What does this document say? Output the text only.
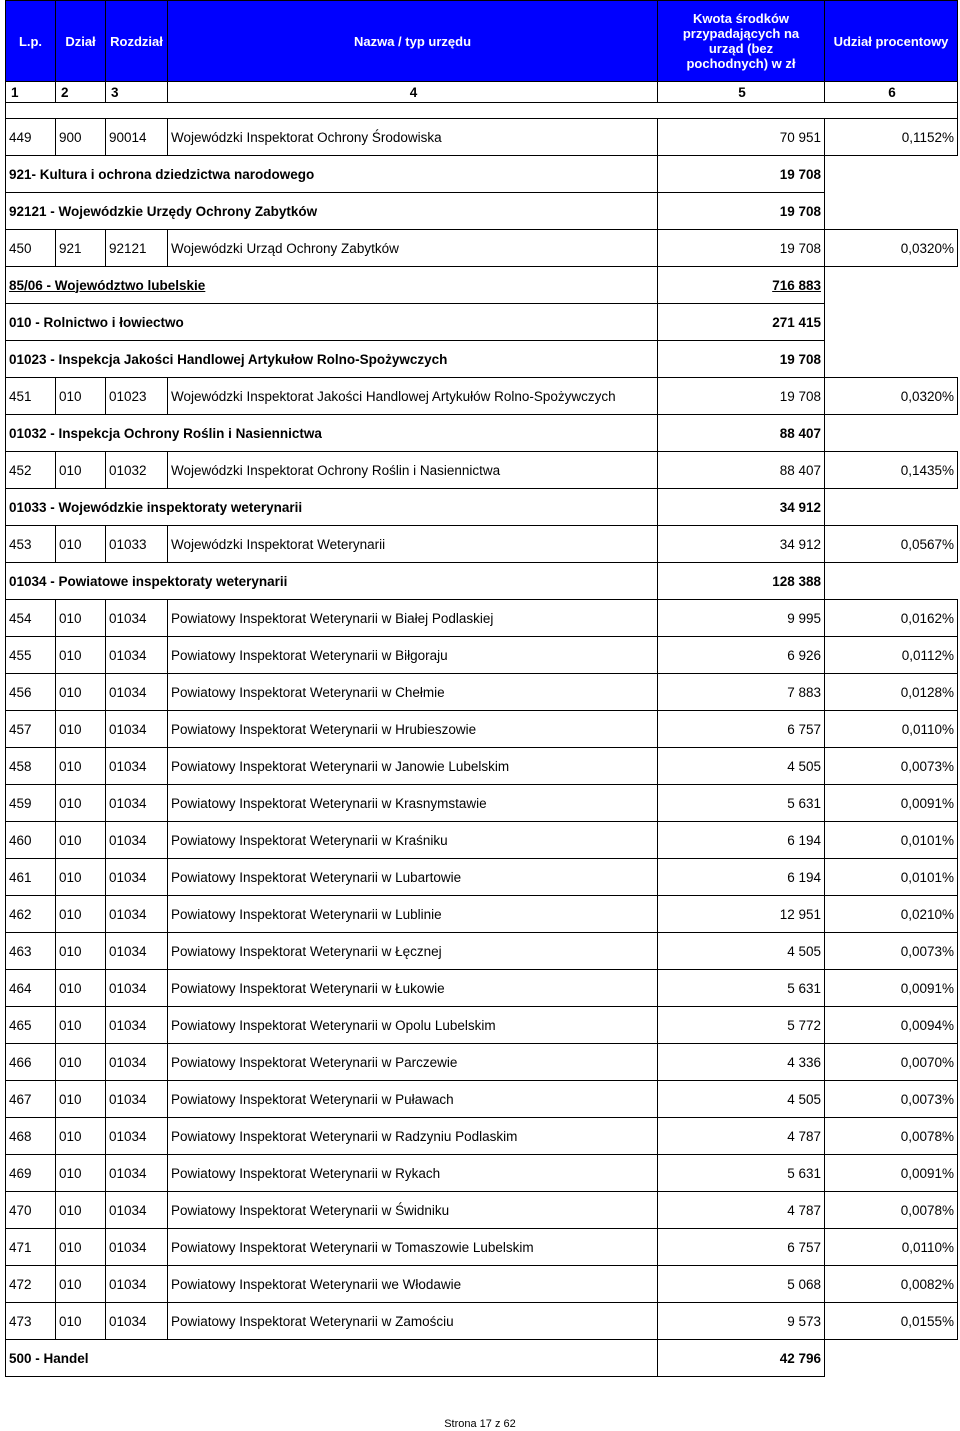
L.p.	Dział	Rozdział	Nazwa / typ urzędu	Kwota środków przypadających na urząd (bez pochodnych) w zł	Udział procentowy
1	2	3	4	5	6

449	900	90014	Wojewódzki Inspektorat Ochrony Środowiska	70 951	0,1152%
921- Kultura i ochrona dziedzictwa narodowego				19 708	
92121 - Wojewódzkie Urzędy Ochrony Zabytków				19 708	
450	921	92121	Wojewódzki Urząd Ochrony Zabytków	19 708	0,0320%
85/06 - Województwo lubelskie				716 883	
010 - Rolnictwo i łowiectwo				271 415	
01023 - Inspekcja Jakości Handlowej Artykułow Rolno-Spożywczych				19 708	
451	010	01023	Wojewódzki Inspektorat Jakości Handlowej Artykułów Rolno-Spożywczych	19 708	0,0320%
01032 - Inspekcja Ochrony Roślin i Nasiennictwa				88 407	
452	010	01032	Wojewódzki Inspektorat Ochrony Roślin i Nasiennictwa	88 407	0,1435%
01033 - Wojewódzkie inspektoraty weterynarii				34 912	
453	010	01033	Wojewódzki Inspektorat Weterynarii	34 912	0,0567%
01034 - Powiatowe inspektoraty weterynarii				128 388	
454	010	01034	Powiatowy Inspektorat Weterynarii w Białej Podlaskiej	9 995	0,0162%
455	010	01034	Powiatowy Inspektorat Weterynarii w Biłgoraju	6 926	0,0112%
456	010	01034	Powiatowy Inspektorat Weterynarii w Chełmie	7 883	0,0128%
457	010	01034	Powiatowy Inspektorat Weterynarii w Hrubieszowie	6 757	0,0110%
458	010	01034	Powiatowy Inspektorat Weterynarii w Janowie Lubelskim	4 505	0,0073%
459	010	01034	Powiatowy Inspektorat Weterynarii w Krasnymstawie	5 631	0,0091%
460	010	01034	Powiatowy Inspektorat Weterynarii w Kraśniku	6 194	0,0101%
461	010	01034	Powiatowy Inspektorat Weterynarii w Lubartowie	6 194	0,0101%
462	010	01034	Powiatowy Inspektorat Weterynarii w Lublinie	12 951	0,0210%
463	010	01034	Powiatowy Inspektorat Weterynarii w Łęcznej	4 505	0,0073%
464	010	01034	Powiatowy Inspektorat Weterynarii w Łukowie	5 631	0,0091%
465	010	01034	Powiatowy Inspektorat Weterynarii w Opolu Lubelskim	5 772	0,0094%
466	010	01034	Powiatowy Inspektorat Weterynarii w Parczewie	4 336	0,0070%
467	010	01034	Powiatowy Inspektorat Weterynarii w Puławach	4 505	0,0073%
468	010	01034	Powiatowy Inspektorat Weterynarii w Radzyniu Podlaskim	4 787	0,0078%
469	010	01034	Powiatowy Inspektorat Weterynarii w Rykach	5 631	0,0091%
470	010	01034	Powiatowy Inspektorat Weterynarii w Świdniku	4 787	0,0078%
471	010	01034	Powiatowy Inspektorat Weterynarii w Tomaszowie Lubelskim	6 757	0,0110%
472	010	01034	Powiatowy Inspektorat Weterynarii we Włodawie	5 068	0,0082%
473	010	01034	Powiatowy Inspektorat Weterynarii w Zamościu	9 573	0,0155%
500 - Handel				42 796	
Strona 17 z 62
